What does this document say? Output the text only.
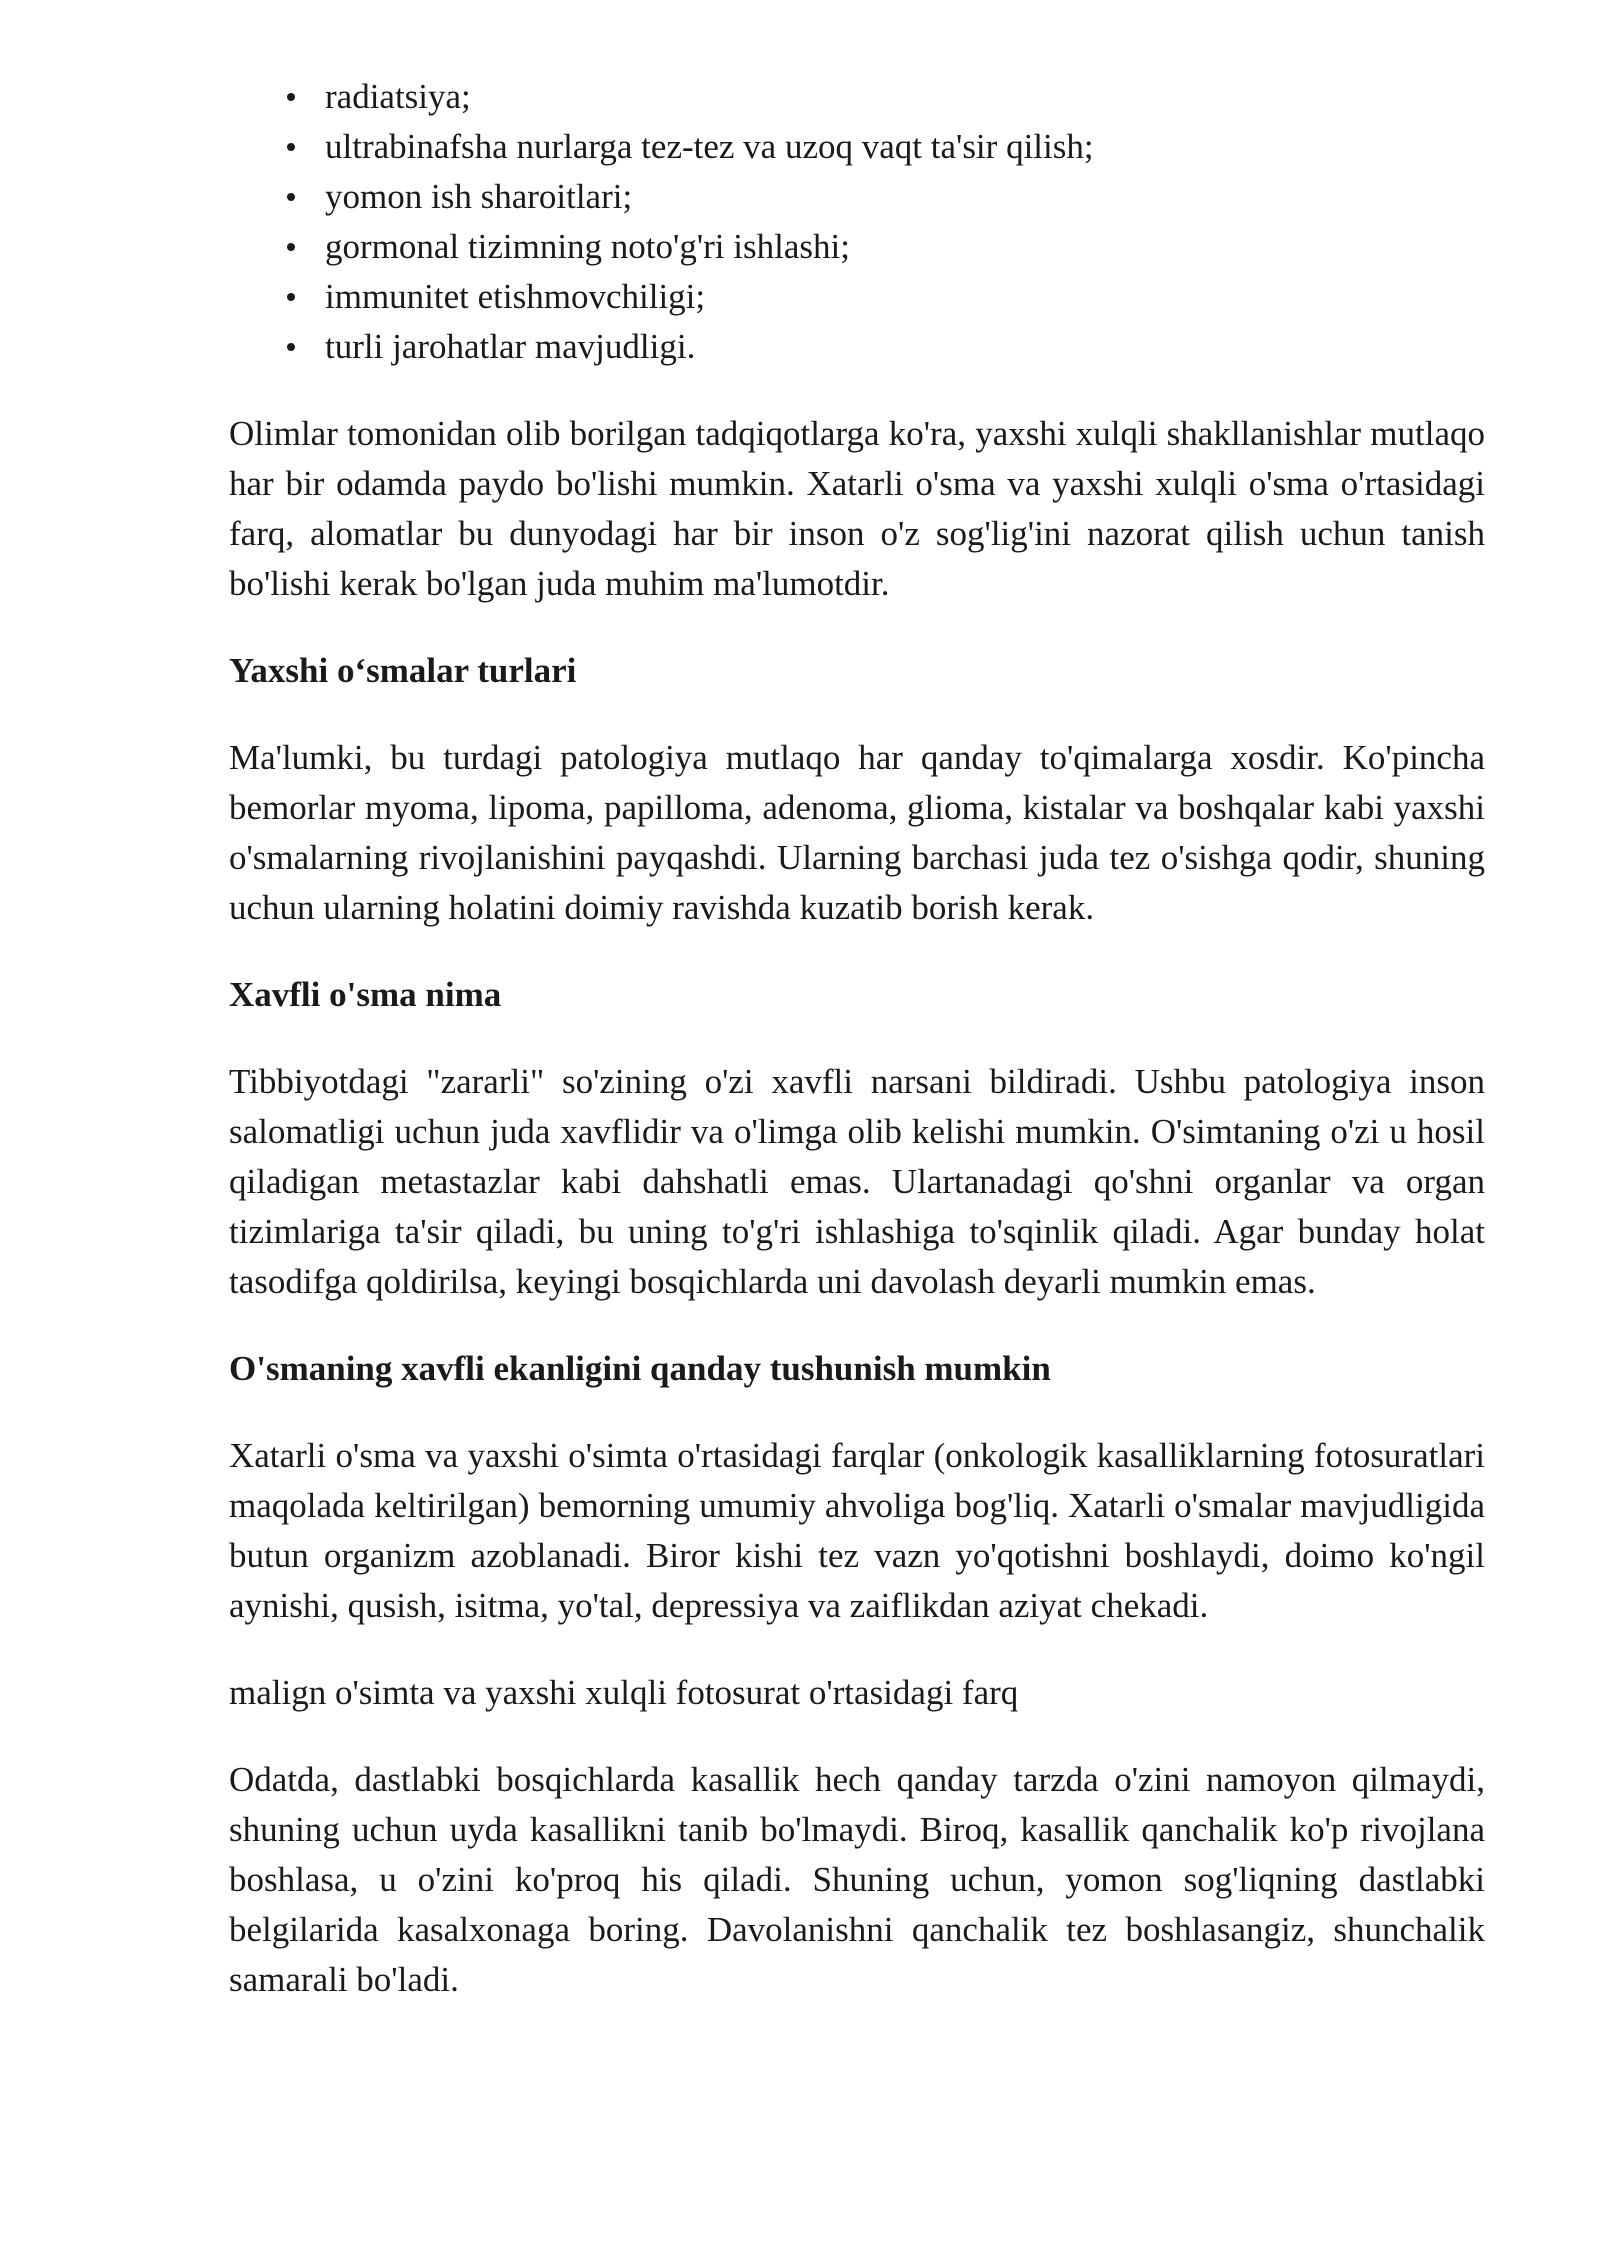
radiatsiya;
ultrabinafsha nurlarga tez-tez va uzoq vaqt ta'sir qilish;
yomon ish sharoitlari;
gormonal tizimning noto'g'ri ishlashi;
immunitet etishmovchiligi;
turli jarohatlar mavjudligi.

Olimlar tomonidan olib borilgan tadqiqotlarga ko'ra, yaxshi xulqli shakllanishlar mutlaqo har bir odamda paydo bo'lishi mumkin. Xatarli o'sma va yaxshi xulqli o'sma o'rtasidagi farq, alomatlar bu dunyodagi har bir inson o'z sog'lig'ini nazorat qilish uchun tanish bo'lishi kerak bo'lgan juda muhim ma'lumotdir.

Yaxshi o‘smalar turlari

Ma'lumki, bu turdagi patologiya mutlaqo har qanday to'qimalarga xosdir. Ko'pincha bemorlar myoma, lipoma, papilloma, adenoma, glioma, kistalar va boshqalar kabi yaxshi o'smalarning rivojlanishini payqashdi. Ularning barchasi juda tez o'sishga qodir, shuning uchun ularning holatini doimiy ravishda kuzatib borish kerak.

Xavfli o'sma nima

Tibbiyotdagi "zararli" so'zining o'zi xavfli narsani bildiradi. Ushbu patologiya inson salomatligi uchun juda xavflidir va o'limga olib kelishi mumkin. O'simtaning o'zi u hosil qiladigan metastazlar kabi dahshatli emas. Ulartanadagi qo'shni organlar va organ tizimlariga ta'sir qiladi, bu uning to'g'ri ishlashiga to'sqinlik qiladi. Agar bunday holat tasodifga qoldirilsa, keyingi bosqichlarda uni davolash deyarli mumkin emas.

O'smaning xavfli ekanligini qanday tushunish mumkin

Xatarli o'sma va yaxshi o'simta o'rtasidagi farqlar (onkologik kasalliklarning fotosuratlari maqolada keltirilgan) bemorning umumiy ahvoliga bog'liq. Xatarli o'smalar mavjudligida butun organizm azoblanadi. Biror kishi tez vazn yo'qotishni boshlaydi, doimo ko'ngil aynishi, qusish, isitma, yo'tal, depressiya va zaiflikdan aziyat chekadi.

malign o'simta va yaxshi xulqli fotosurat o'rtasidagi farq

Odatda, dastlabki bosqichlarda kasallik hech qanday tarzda o'zini namoyon qilmaydi, shuning uchun uyda kasallikni tanib bo'lmaydi. Biroq, kasallik qanchalik ko'p rivojlana boshlasa, u o'zini ko'proq his qiladi. Shuning uchun, yomon sog'liqning dastlabki belgilarida kasalxonaga boring. Davolanishni qanchalik tez boshlasangiz, shunchalik samarali bo'ladi.
